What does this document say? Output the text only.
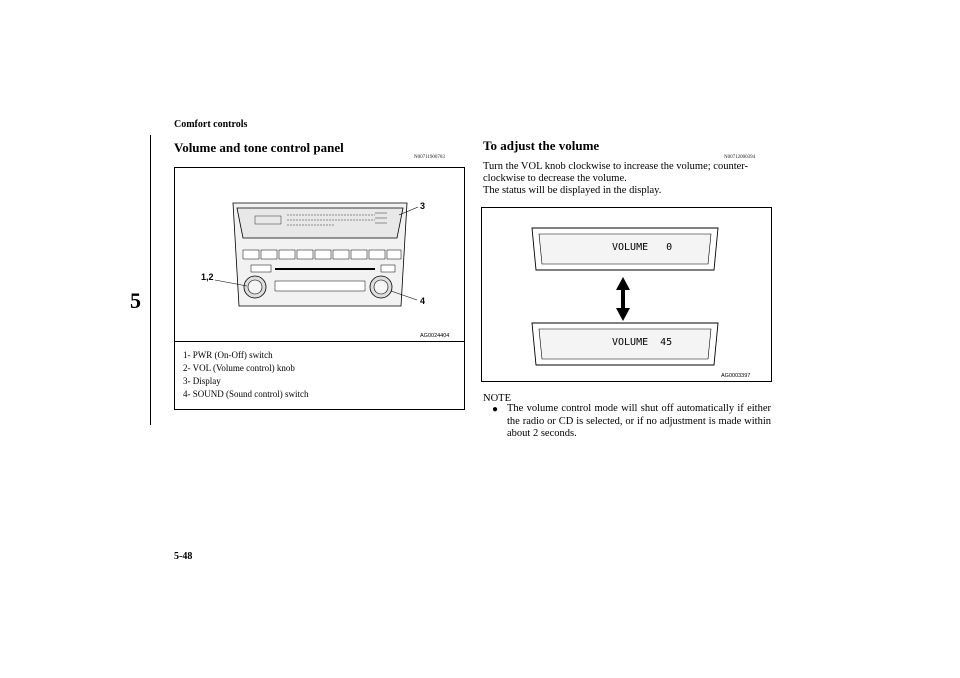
Comfort controls
5
Volume and tone control panel
N00711900703
1,2
3
4
AG0024404
1- PWR (On-Off) switch
2- VOL (Volume control) knob
3- Display
4- SOUND (Sound control) switch
To adjust the volume
N00712000394
Turn the VOL knob clockwise to increase the volume; counter-
clockwise to decrease the volume.
The status will be displayed in the display.
VOLUME   0
VOLUME  45
AG0003397
NOTE
● The volume control mode will shut off automatically if either the radio or CD is selected, or if no adjustment is made within about 2 seconds.
5-48
